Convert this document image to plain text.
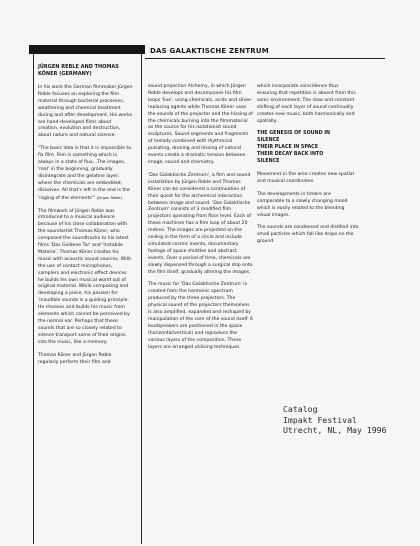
DAS GALAKTISCHE ZENTRUM

JÜRGEN REBLE AND THOMAS
KÖNER (GERMANY)

In his work the German filmmaker Jürgen Reble focuses on exploring the film material through bacterial processes, weathering and chemical treatment during and after development. His works are hand-developed films about creation, evolution and destruction, about nature and natural science.

"The basic idea is that it is impossible to fix film. Film is something which is always in a state of flux...The images, 'real' in the beginning, gradually disintegrate and the gelatine layer, where the chemicals are embedded, dissolves. All that's left in the end is the 'raging of the elements'" (Jürgen Reble)

The filmwork of Jürgen Reble was introduced to a musical audience because of his close collaboration with the soundartist Thomas Köner, who composed the soundtracks to his latest films 'Das Goldene Tor' and 'Instabile Materie'. Thomas Köner creates his music with acoustic sound sources. With the use of contact microphones, samplers and electronic effect devices he builds his own musical world out of original material. While composing and developing a piece, his passion for 'inaudible sounds is a guiding principle. He chooses and builds his music from elements which cannot be perceived by the normal ear. Perhaps that these sounds that are so closely related to silence transport some of their origins into the music, like a memory.

Thomas Köner and Jürgen Reble regularly perform their film and

sound projection Alchemy, in which Jürgen Reble develops and decomposes his film loops 'live', using chemicals, acids and silver-replacing agents while Thomas Köner uses the sounds of the projector and the hissing of the chemicals burning into the filmmaterial as the source for his isolationist sound sculptures. Sound segments and fragments of melody combined with rhythmical pulsating, droning and hissing of natural events create a dramatic tension between image, sound and chemistry.

'Das Galaktische Zentrum', a film and sound installation by Jürgen Reble and Thomas Köner can be considered a continuation of their quest for the alchemical interaction between image and sound. 'Das Galaktische Zentrum' consists of 3 modified film projectors operating from floor level. Each of these machines has a film loop of about 20 metres. The images are projected on the ceiling in the form of a circle and include simulated cosmic events, documentary footage of space shuttles and abstract events. Over a period of time, chemicals are slowly dispensed through a surgical drip onto the film itself, gradually altering the images.

The music for 'Das Galaktische Zentrum' is created from the harmonic spectrum produced by the three projectors. The physical sound of the projectors themselves is also amplified, expanded and reshaped by manipulation of the core of the sound itself. 6 loudspeakers are positioned in the space (horizontal/vertical) and reproduce the various layers of the composition. These layers are arranged utilising techniques

which incorporate coincidence thus ensuring that repetition is absent from this sonic environment. The slow and constant shifting of each layer of sound continually creates new music, both harmonically and spatially.

THE GENESIS OF SOUND IN
SILENCE
THEIR PLACE IN SPACE
THEIR DECAY BACK INTO
SILENCE

Movement in the area creates new spatial and musical coordinates.

The developments in timbre are comparable to a slowly changing mood which is easily related to the blending visual images.

The sounds are condensed and distilled into small particles which fall like drops on the ground.

Catalog
Impakt Festival
Utrecht, NL, May 1996
